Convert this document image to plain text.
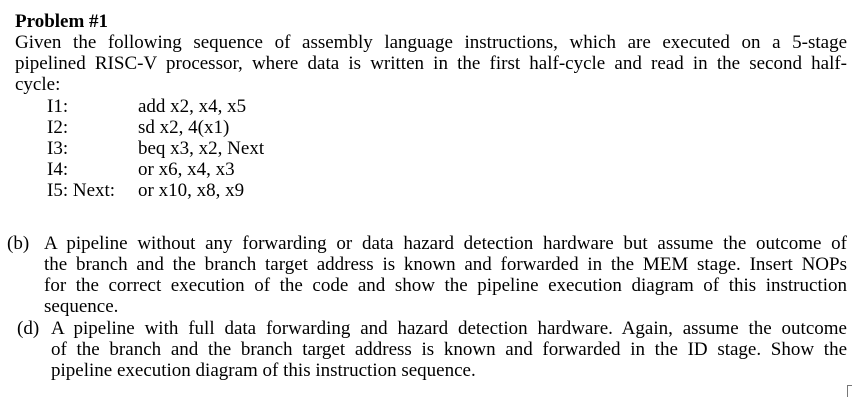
Problem #1
Given the following sequence of assembly language instructions, which are executed on a 5-stage
pipelined RISC-V processor, where data is written in the first half-cycle and read in the second half-
cycle:
I1:	add x2, x4, x5
I2:	sd x2, 4(x1)
I3:	beq x3, x2, Next
I4:	or x6, x4, x3
I5: Next: or x10, x8, x9
(b) A pipeline without any forwarding or data hazard detection hardware but assume the outcome of
the branch and the branch target address is known and forwarded in the MEM stage. Insert NOPs
for the correct execution of the code and show the pipeline execution diagram of this instruction
sequence.
(d) A pipeline with full data forwarding and hazard detection hardware. Again, assume the outcome
of the branch and the branch target address is known and forwarded in the ID stage. Show the
pipeline execution diagram of this instruction sequence.
